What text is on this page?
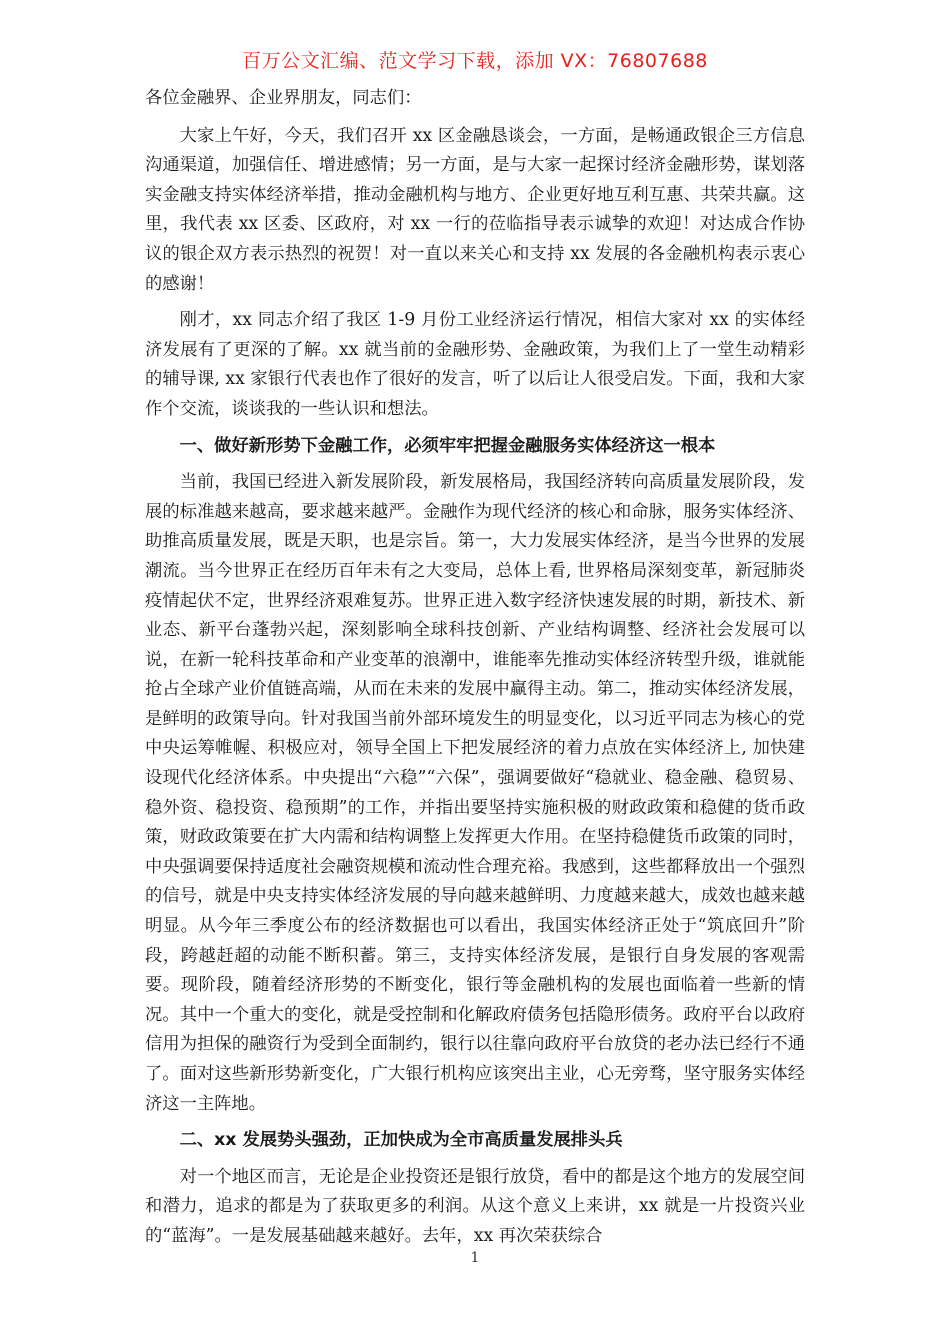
百万公文汇编、范文学习下载，添加 VX：76807688

各位金融界、企业界朋友，同志们：

大家上午好，今天，我们召开 xx 区金融恳谈会，一方面，是畅通政银企三方信息沟通渠道，加强信任、增进感情；另一方面，是与大家一起探讨经济金融形势，谋划落实金融支持实体经济举措，推动金融机构与地方、企业更好地互利互惠、共荣共赢。这里，我代表 xx 区委、区政府，对 xx 一行的莅临指导表示诚挚的欢迎！对达成合作协议的银企双方表示热烈的祝贺！对一直以来关心和支持 xx 发展的各金融机构表示衷心的感谢！

刚才，xx 同志介绍了我区 1-9 月份工业经济运行情况，相信大家对 xx 的实体经济发展有了更深的了解。xx 就当前的金融形势、金融政策，为我们上了一堂生动精彩的辅导课, xx 家银行代表也作了很好的发言，听了以后让人很受启发。下面，我和大家作个交流，谈谈我的一些认识和想法。

一、做好新形势下金融工作，必须牢牢把握金融服务实体经济这一根本

当前，我国已经进入新发展阶段，新发展格局，我国经济转向高质量发展阶段，发展的标准越来越高，要求越来越严。金融作为现代经济的核心和命脉，服务实体经济、助推高质量发展，既是天职，也是宗旨。第一，大力发展实体经济，是当今世界的发展潮流。当今世界正在经历百年未有之大变局，总体上看, 世界格局深刻变革，新冠肺炎疫情起伏不定，世界经济艰难复苏。世界正进入数字经济快速发展的时期，新技术、新业态、新平台蓬勃兴起，深刻影响全球科技创新、产业结构调整、经济社会发展可以说，在新一轮科技革命和产业变革的浪潮中，谁能率先推动实体经济转型升级，谁就能抢占全球产业价值链高端，从而在未来的发展中赢得主动。第二，推动实体经济发展，是鲜明的政策导向。针对我国当前外部环境发生的明显变化，以习近平同志为核心的党中央运筹帷幄、积极应对，领导全国上下把发展经济的着力点放在实体经济上, 加快建设现代化经济体系。中央提出“六稳”“六保”，强调要做好“稳就业、稳金融、稳贸易、稳外资、稳投资、稳预期”的工作，并指出要坚持实施积极的财政政策和稳健的货币政策，财政政策要在扩大内需和结构调整上发挥更大作用。在坚持稳健货币政策的同时，中央强调要保持适度社会融资规模和流动性合理充裕。我感到，这些都释放出一个强烈的信号，就是中央支持实体经济发展的导向越来越鲜明、力度越来越大，成效也越来越明显。从今年三季度公布的经济数据也可以看出，我国实体经济正处于“筑底回升”阶段，跨越赶超的动能不断积蓄。第三，支持实体经济发展，是银行自身发展的客观需要。现阶段，随着经济形势的不断变化，银行等金融机构的发展也面临着一些新的情况。其中一个重大的变化，就是受控制和化解政府债务包括隐形债务。政府平台以政府信用为担保的融资行为受到全面制约，银行以往靠向政府平台放贷的老办法已经行不通了。面对这些新形势新变化，广大银行机构应该突出主业，心无旁骛，坚守服务实体经济这一主阵地。

二、xx 发展势头强劲，正加快成为全市高质量发展排头兵

对一个地区而言，无论是企业投资还是银行放贷，看中的都是这个地方的发展空间和潜力，追求的都是为了获取更多的利润。从这个意义上来讲，xx 就是一片投资兴业的“蓝海”。一是发展基础越来越好。去年，xx 再次荣获综合

1
